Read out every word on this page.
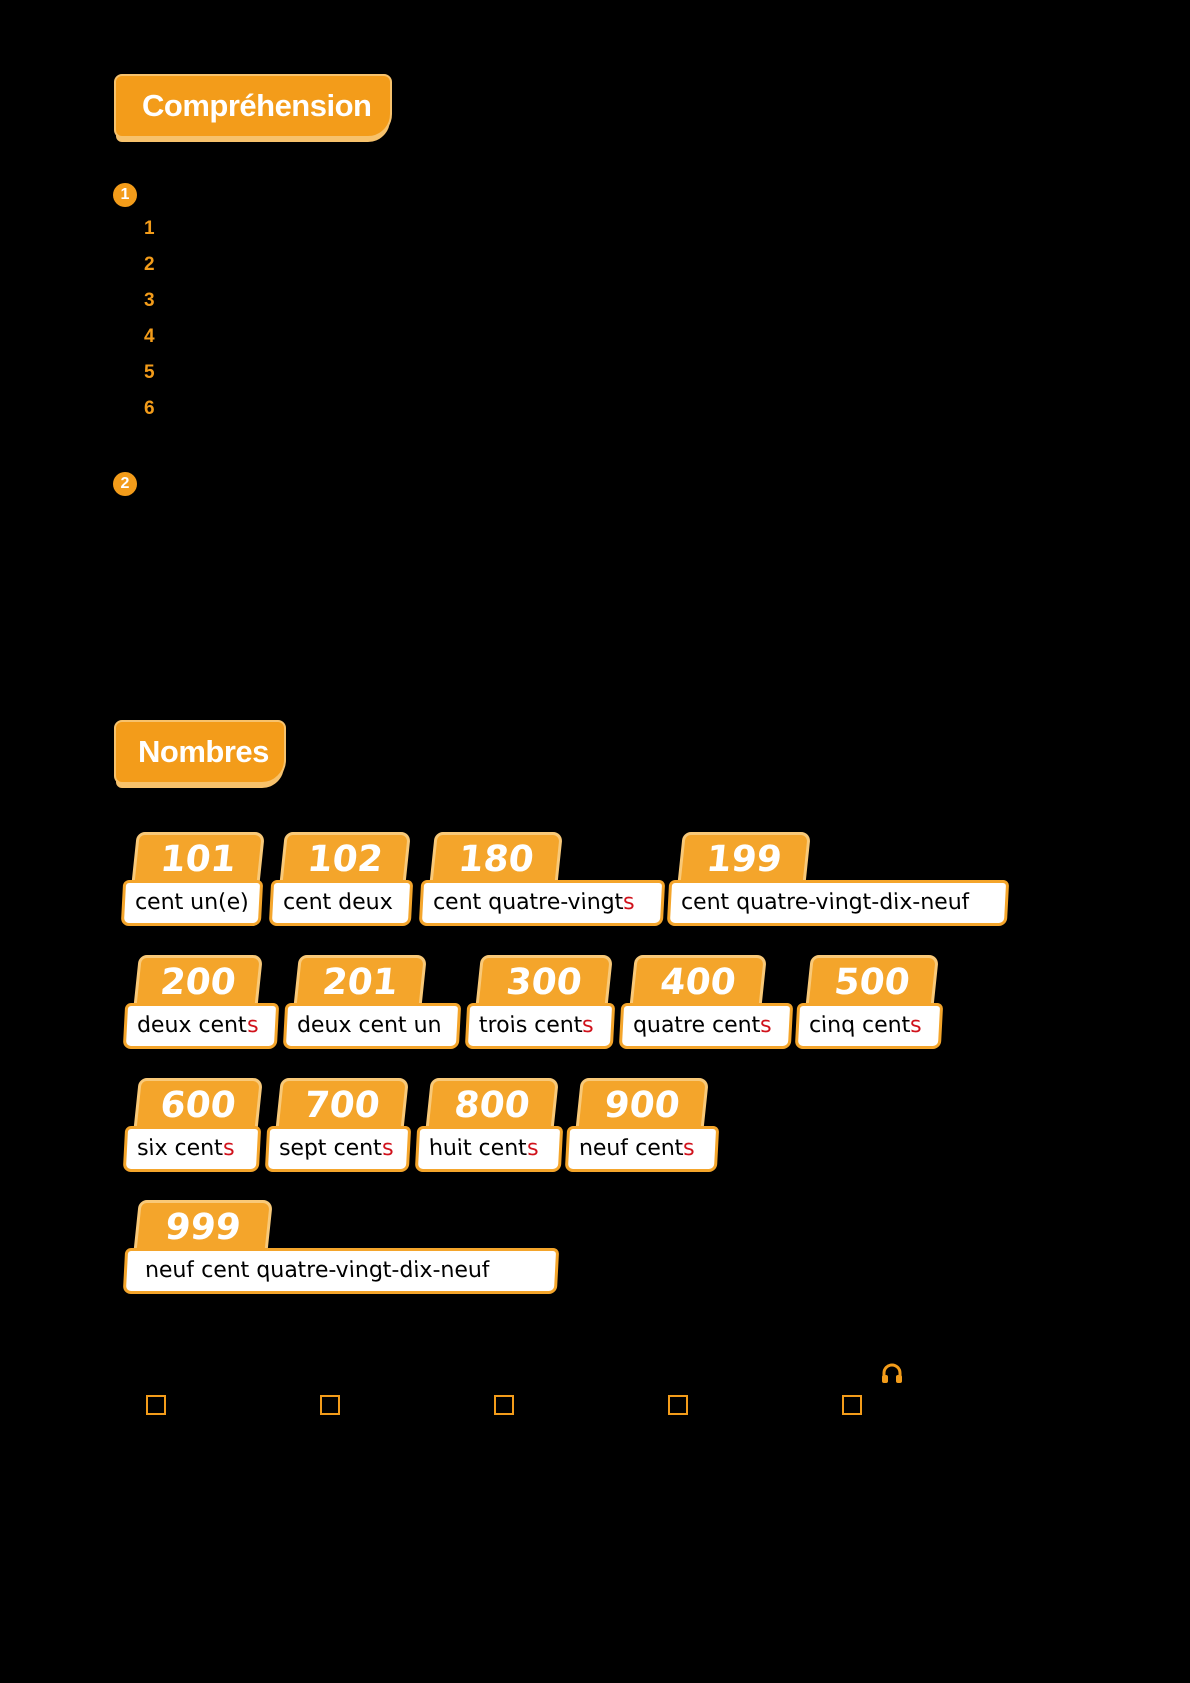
Compréhension
1 Répondez aux questions suivantes. 回答下列问题。
1 Qui sont les deux personnes, Aurélie et Jean-Louis ?
2 Pourquoi les journalistes disent tu à Aurélie et vous à Jean-Louis ?
3 En général, à quelle heure se lève Aurélie ? Et avec la grève ?
4 À quelle heure se lève Jean-Louis ? Toujours comme ça ?
5 Pourquoi Jean-Louis dit que le travail de chauffeur de bus n’est pas facile ?
6 Que veut dire nous mangeons en famille ?
2 Relisez l’interview du chauffeur de bus. Présentez sa journée à l’oral. 重读对公
交司机的采访，介绍他的一天。
Il se lève	, il	le petit déjeuner
Nombres
101
cent un(e)
102
cent deux
180
cent quatre-vingts
199
cent quatre-vingt-dix-neuf
200
deux cents
201
deux cent un
300
trois cents
400
quatre cents
500
cinq cents
600
six cents
700
sept cents
800
huit cents
900
neuf cents
999
neuf cent quatre-vingt-dix-neuf
Écoutez et notez le code d’entrée. 听录音，勾选听到的进门密码。
412D07	768C15	207A94	375B80	935A71
20 Unité 6 C’est la vie !
